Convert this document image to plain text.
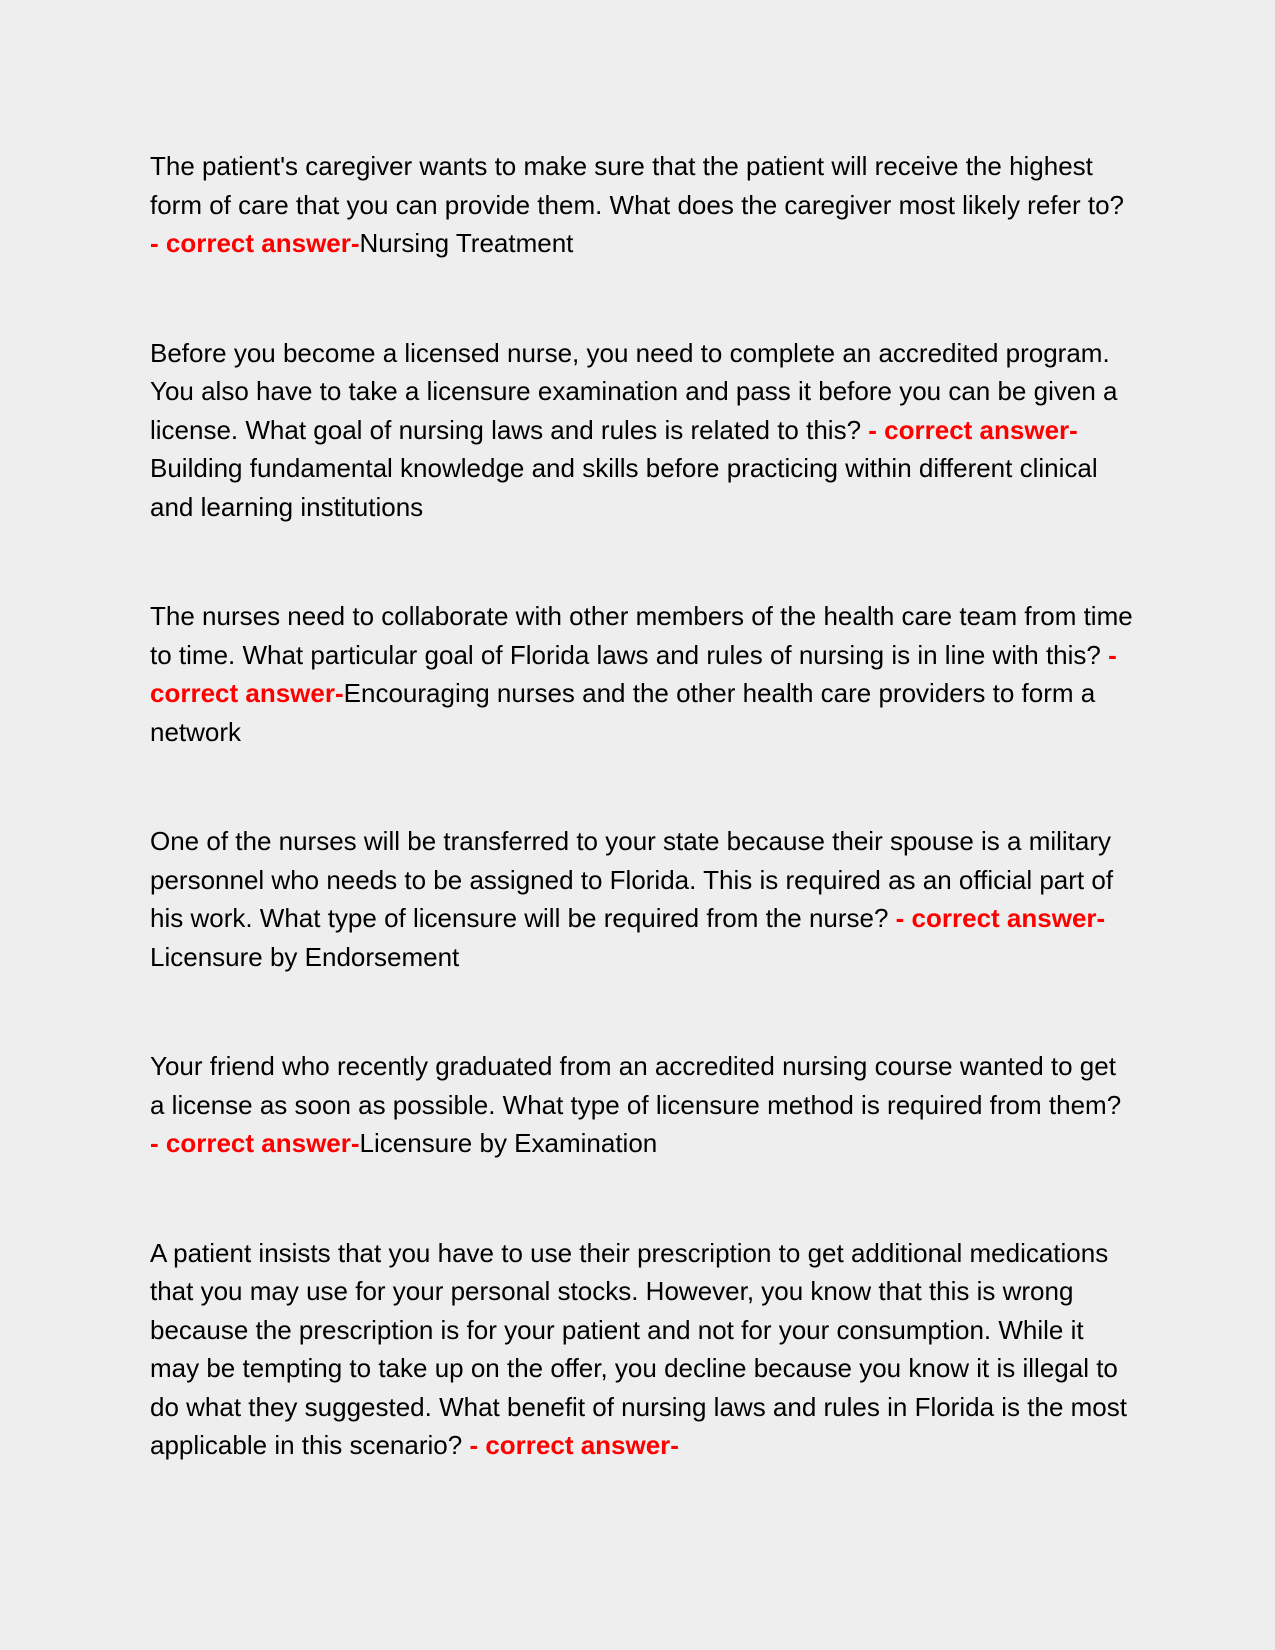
The patient's caregiver wants to make sure that the patient will receive the highest form of care that you can provide them. What does the caregiver most likely refer to? - correct answer-Nursing Treatment

Before you become a licensed nurse, you need to complete an accredited program. You also have to take a licensure examination and pass it before you can be given a license. What goal of nursing laws and rules is related to this? - correct answer-Building fundamental knowledge and skills before practicing within different clinical and learning institutions

The nurses need to collaborate with other members of the health care team from time to time. What particular goal of Florida laws and rules of nursing is in line with this? - correct answer-Encouraging nurses and the other health care providers to form a network

One of the nurses will be transferred to your state because their spouse is a military personnel who needs to be assigned to Florida. This is required as an official part of his work. What type of licensure will be required from the nurse? - correct answer-Licensure by Endorsement

Your friend who recently graduated from an accredited nursing course wanted to get a license as soon as possible. What type of licensure method is required from them? - correct answer-Licensure by Examination

A patient insists that you have to use their prescription to get additional medications that you may use for your personal stocks. However, you know that this is wrong because the prescription is for your patient and not for your consumption. While it may be tempting to take up on the offer, you decline because you know it is illegal to do what they suggested. What benefit of nursing laws and rules in Florida is the most applicable in this scenario? - correct answer-
